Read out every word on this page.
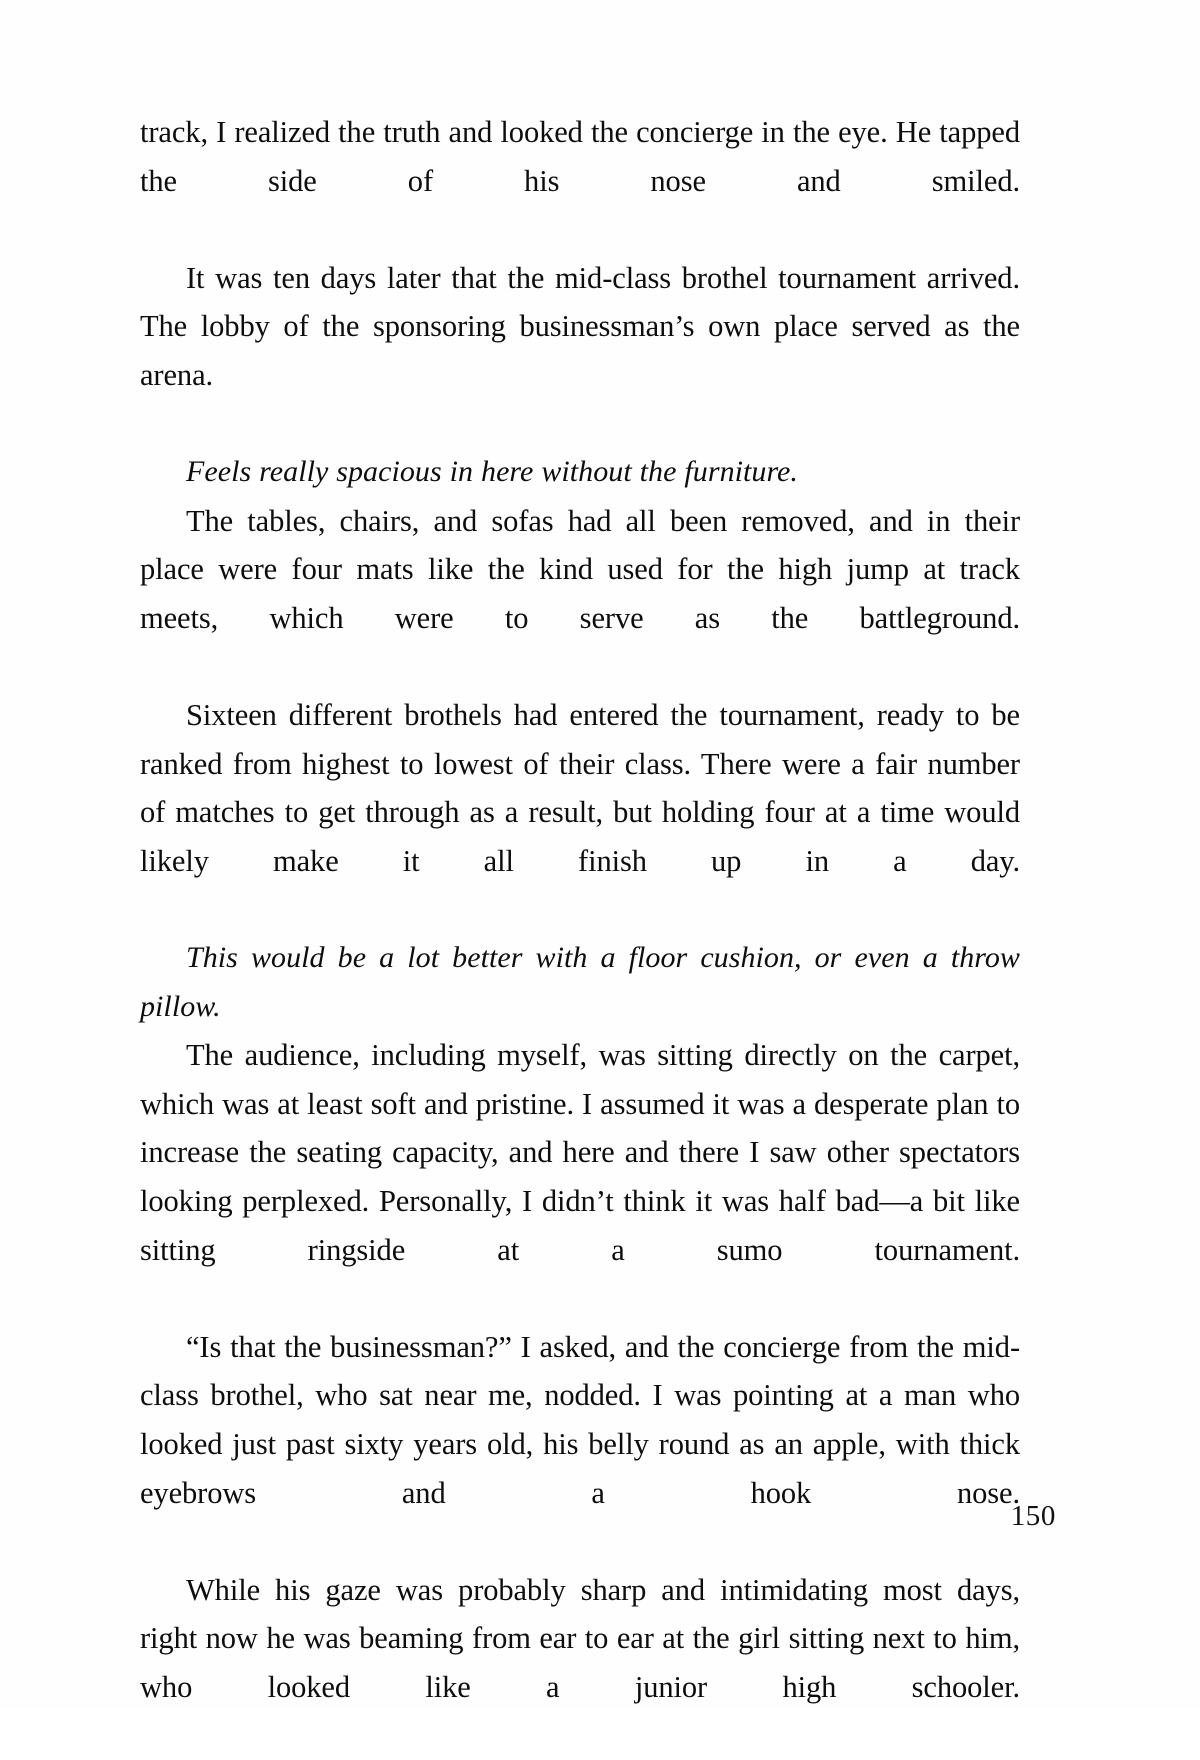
track, I realized the truth and looked the concierge in the eye. He tapped the side of his nose and smiled.

It was ten days later that the mid-class brothel tournament arrived. The lobby of the sponsoring businessman’s own place served as the arena.

Feels really spacious in here without the furniture.

The tables, chairs, and sofas had all been removed, and in their place were four mats like the kind used for the high jump at track meets, which were to serve as the battleground.

Sixteen different brothels had entered the tournament, ready to be ranked from highest to lowest of their class. There were a fair number of matches to get through as a result, but holding four at a time would likely make it all finish up in a day.

This would be a lot better with a floor cushion, or even a throw pillow.

The audience, including myself, was sitting directly on the carpet, which was at least soft and pristine. I assumed it was a desperate plan to increase the seating capacity, and here and there I saw other spectators looking perplexed. Personally, I didn’t think it was half bad—a bit like sitting ringside at a sumo tournament.

“Is that the businessman?” I asked, and the concierge from the mid-class brothel, who sat near me, nodded. I was pointing at a man who looked just past sixty years old, his belly round as an apple, with thick eyebrows and a hook nose.

While his gaze was probably sharp and intimidating most days, right now he was beaming from ear to ear at the girl sitting next to him, who looked like a junior high schooler.

150
